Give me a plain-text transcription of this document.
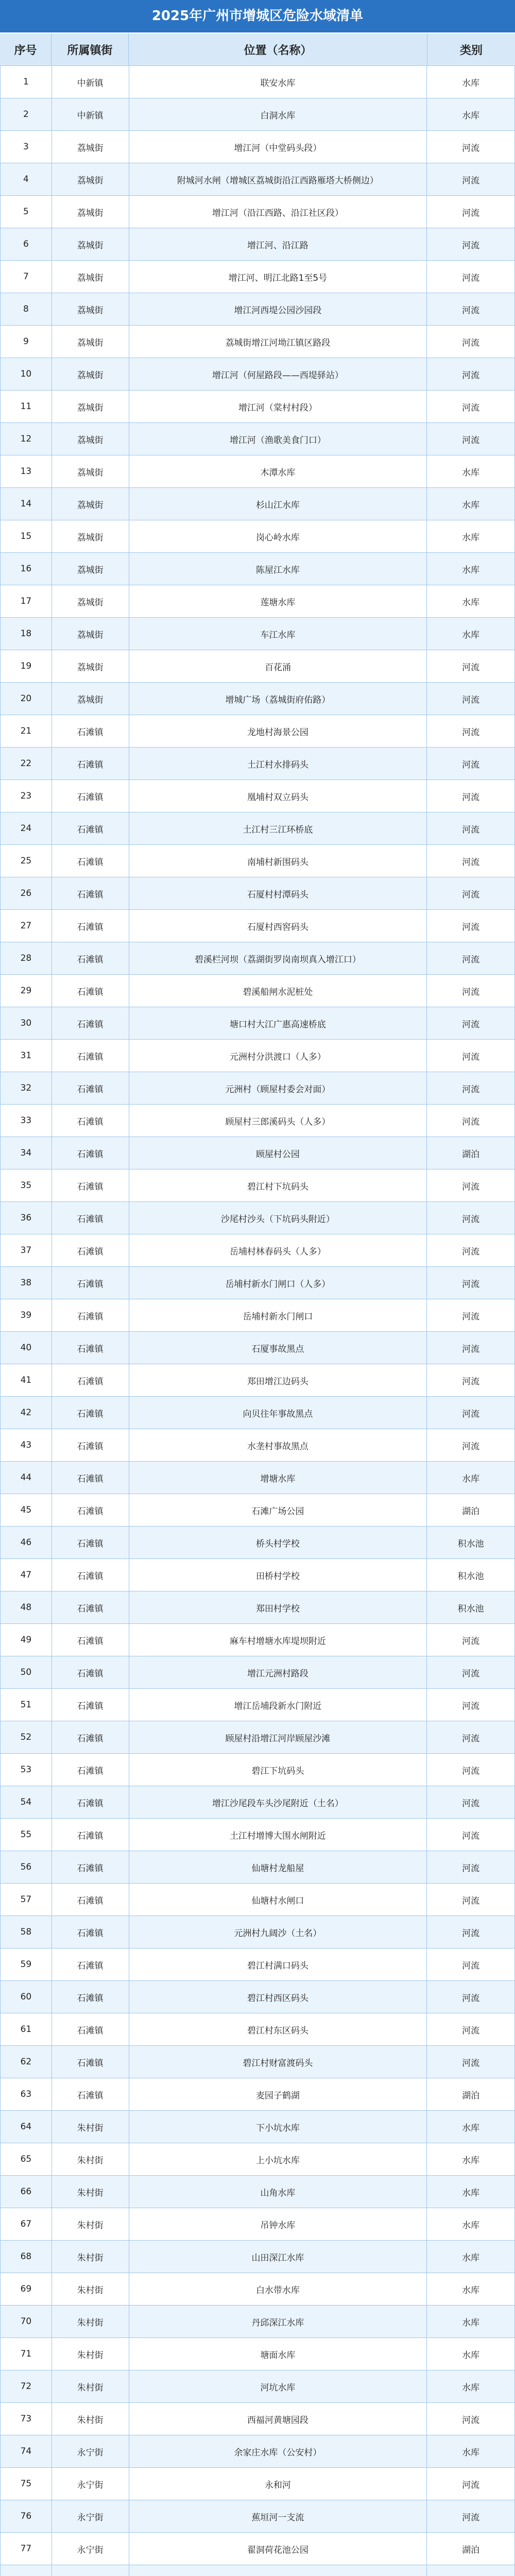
2025年广州市增城区危险水域清单
序号	所属镇街	位置（名称）	类别
1	中新镇	联安水库	水库
2	中新镇	白洞水库	水库
3	荔城街	增江河（中堂码头段）	河流
4	荔城街	附城河水闸（增城区荔城街沿江西路雁塔大桥侧边）	河流
5	荔城街	增江河（沿江西路、沿江社区段）	河流
6	荔城街	增江河、沿江路	河流
7	荔城街	增江河、明江北路1至5号	河流
8	荔城街	增江河西堤公园沙园段	河流
9	荔城街	荔城街增江河坳江镇区路段	河流
10	荔城街	增江河（何屋路段——西堤驿站）	河流
11	荔城街	增江河（棠村村段）	河流
12	荔城街	增江河（渔歌美食门口）	河流
13	荔城街	木潭水库	水库
14	荔城街	杉山江水库	水库
15	荔城街	岗心岭水库	水库
16	荔城街	陈屋江水库	水库
17	荔城街	莲塘水库	水库
18	荔城街	车江水库	水库
19	荔城街	百花涌	河流
20	荔城街	增城广场（荔城街府佑路）	河流
21	石滩镇	龙地村海景公园	河流
22	石滩镇	土江村水排码头	河流
23	石滩镇	凰埔村双立码头	河流
24	石滩镇	土江村三江环桥底	河流
25	石滩镇	南埔村新围码头	河流
26	石滩镇	石厦村村潭码头	河流
27	石滩镇	石厦村西窖码头	河流
28	石滩镇	碧溪栏河坝（荔湖街罗岗南坝真入增江口）	河流
29	石滩镇	碧溪船闸水泥桩处	河流
30	石滩镇	塘口村大江广惠高速桥底	河流
31	石滩镇	元洲村分洪渡口（人多）	河流
32	石滩镇	元洲村（顾屋村委会对面）	河流
33	石滩镇	顾屋村三郎溪码头（人多）	河流
34	石滩镇	顾屋村公园	湖泊
35	石滩镇	碧江村下坑码头	河流
36	石滩镇	沙尾村沙头（下坑码头附近）	河流
37	石滩镇	岳埔村林春码头（人多）	河流
38	石滩镇	岳埔村新水门闸口（人多）	河流
39	石滩镇	岳埔村新水门闸口	河流
40	石滩镇	石厦事故黑点	河流
41	石滩镇	郑田增江边码头	河流
42	石滩镇	向贝往年事故黑点	河流
43	石滩镇	水垄村事故黑点	河流
44	石滩镇	增塘水库	水库
45	石滩镇	石滩广场公园	湖泊
46	石滩镇	桥头村学校	积水池
47	石滩镇	田桥村学校	积水池
48	石滩镇	郑田村学校	积水池
49	石滩镇	麻车村增塘水库堤坝附近	河流
50	石滩镇	增江元洲村路段	河流
51	石滩镇	增江岳埔段新水门附近	河流
52	石滩镇	顾屋村沿增江河岸顾屋沙滩	河流
53	石滩镇	碧江下坑码头	河流
54	石滩镇	增江沙尾段车头沙尾附近（土名）	河流
55	石滩镇	土江村增博大围水闸附近	河流
56	石滩镇	仙塘村龙船屋	河流
57	石滩镇	仙塘村水闸口	河流
58	石滩镇	元洲村九阔沙（土名）	河流
59	石滩镇	碧江村满口码头	河流
60	石滩镇	碧江村西区码头	河流
61	石滩镇	碧江村东区码头	河流
62	石滩镇	碧江村财富渡码头	河流
63	石滩镇	麦园子鹤湖	湖泊
64	朱村街	下小坑水库	水库
65	朱村街	上小坑水库	水库
66	朱村街	山角水库	水库
67	朱村街	吊钟水库	水库
68	朱村街	山田深江水库	水库
69	朱村街	白水带水库	水库
70	朱村街	丹邱深江水库	水库
71	朱村街	塘面水库	水库
72	朱村街	河坑水库	水库
73	朱村街	西福河黄塘园段	河流
74	永宁街	余家庄水库（公安村）	水库
75	永宁街	永和河	河流
76	永宁街	蕉垣河一支流	河流
77	永宁街	翟洞荷花池公园	湖泊
